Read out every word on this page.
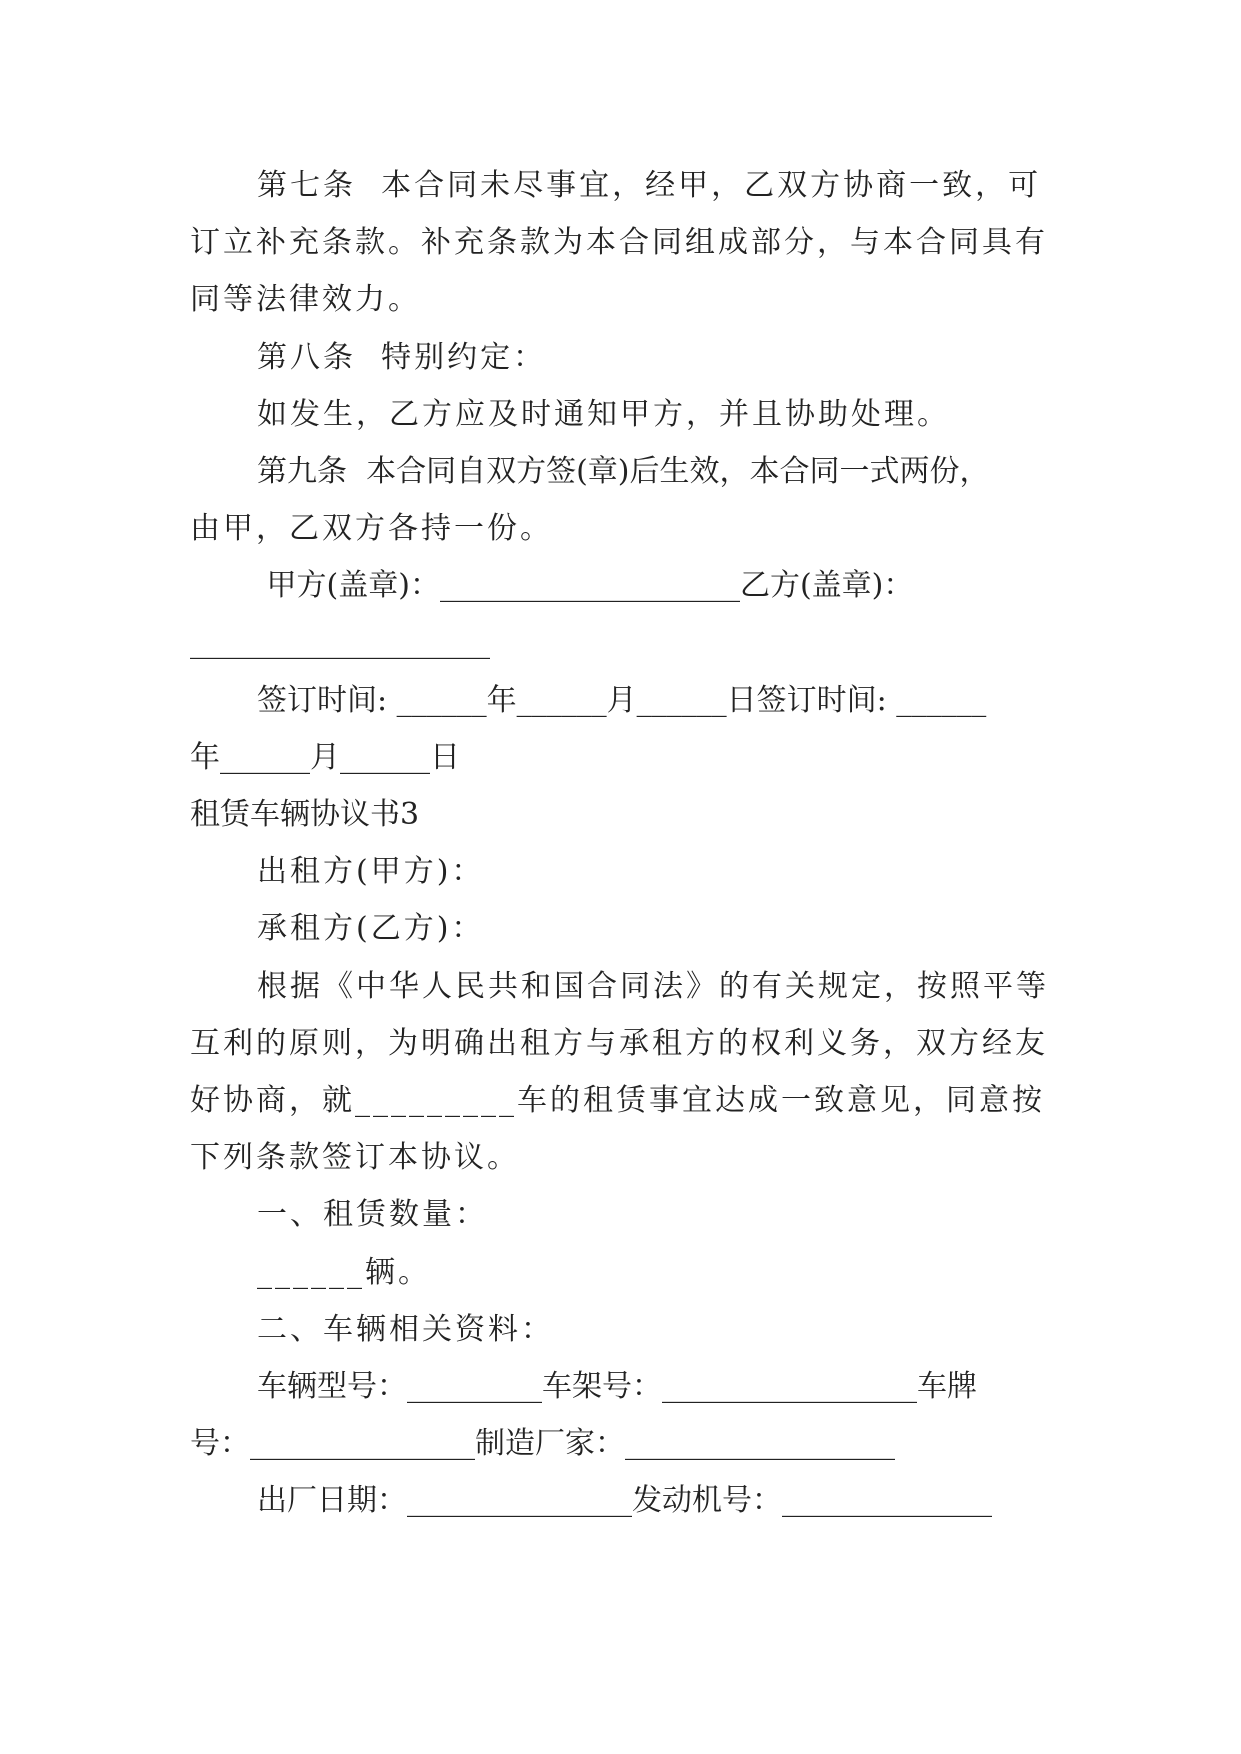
第七条  本合同未尽事宜，经甲，乙双方协商一致，可
订立补充条款。补充条款为本合同组成部分，与本合同具有
同等法律效力。
第八条  特别约定：
如发生，乙方应及时通知甲方，并且协助处理。
第九条  本合同自双方签(章)后生效，本合同一式两份，
由甲，乙双方各持一份。
甲方(盖章)：____________________乙方(盖章)：
____________________
签订时间: ______年______月______日签订时间: ______
年______月______日
租赁车辆协议书3
出租方(甲方)：
承租方(乙方)：
根据《中华人民共和国合同法》的有关规定，按照平等
互利的原则，为明确出租方与承租方的权利义务，双方经友
好协商，就_________车的租赁事宜达成一致意见，同意按
下列条款签订本协议。
一、租赁数量：
______辆。
二、车辆相关资料：
车辆型号：_________车架号：_________________车牌
号：_______________制造厂家：__________________
出厂日期：_______________发动机号：______________
